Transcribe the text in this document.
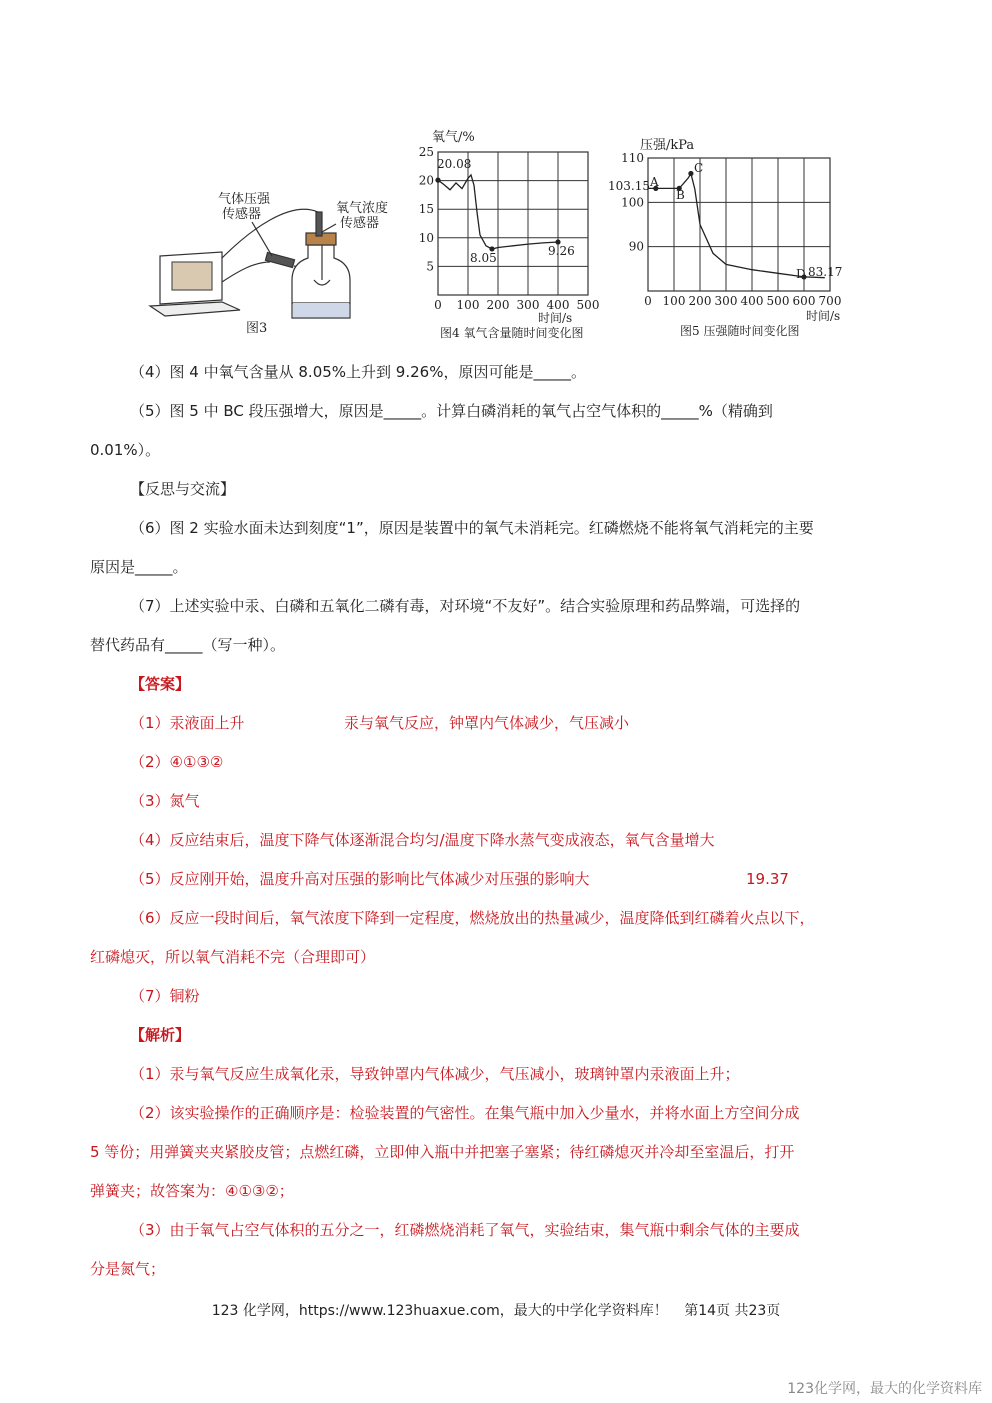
气体压强
传感器	氧气浓度
传感器
图3
0 100 200 300 400 500
5
10
15
20
25
氧气/%
时间/s
图4 氧气含量随时间变化图
20.08
8.05	9.26
0 100 200 300 400 500 600 700
90
100
110
压强/kPa
时间/s
图5 压强随时间变化图
103.15 A
B
C
D 83.17
（4）图 4 中氧气含量从 8.05%上升到 9.26%，原因可能是_____。
（5）图 5 中 BC 段压强增大，原因是_____。计算白磷消耗的氧气占空气体积的_____%（精确到
0.01%）。
【反思与交流】
（6）图 2 实验水面未达到刻度“1”，原因是装置中的氧气未消耗完。红磷燃烧不能将氧气消耗完的主要
原因是_____。
（7）上述实验中汞、白磷和五氧化二磷有毒，对环境“不友好”。结合实验原理和药品弊端，可选择的
替代药品有_____（写一种）。
【答案】
（1）汞液面上升	汞与氧气反应，钟罩内气体减少，气压减小
（2）④①③②
（3）氮气
（4）反应结束后，温度下降气体逐渐混合均匀/温度下降水蒸气变成液态，氧气含量增大
（5）反应刚开始，温度升高对压强的影响比气体减少对压强的影响大	19.37
（6）反应一段时间后，氧气浓度下降到一定程度，燃烧放出的热量减少，温度降低到红磷着火点以下，
红磷熄灭，所以氧气消耗不完（合理即可）
（7）铜粉
【解析】
（1）汞与氧气反应生成氧化汞，导致钟罩内气体减少，气压减小，玻璃钟罩内汞液面上升；
（2）该实验操作的正确顺序是：检验装置的气密性。在集气瓶中加入少量水，并将水面上方空间分成
5 等份；用弹簧夹夹紧胶皮管；点燃红磷，立即伸入瓶中并把塞子塞紧；待红磷熄灭并冷却至室温后，打开
弹簧夹；故答案为：④①③②；
（3）由于氧气占空气体积的五分之一，红磷燃烧消耗了氧气，实验结束，集气瓶中剩余气体的主要成
分是氮气；
123 化学网，https://www.123huaxue.com，最大的中学化学资料库！ 第14页 共23页
123化学网，最大的化学资料库
